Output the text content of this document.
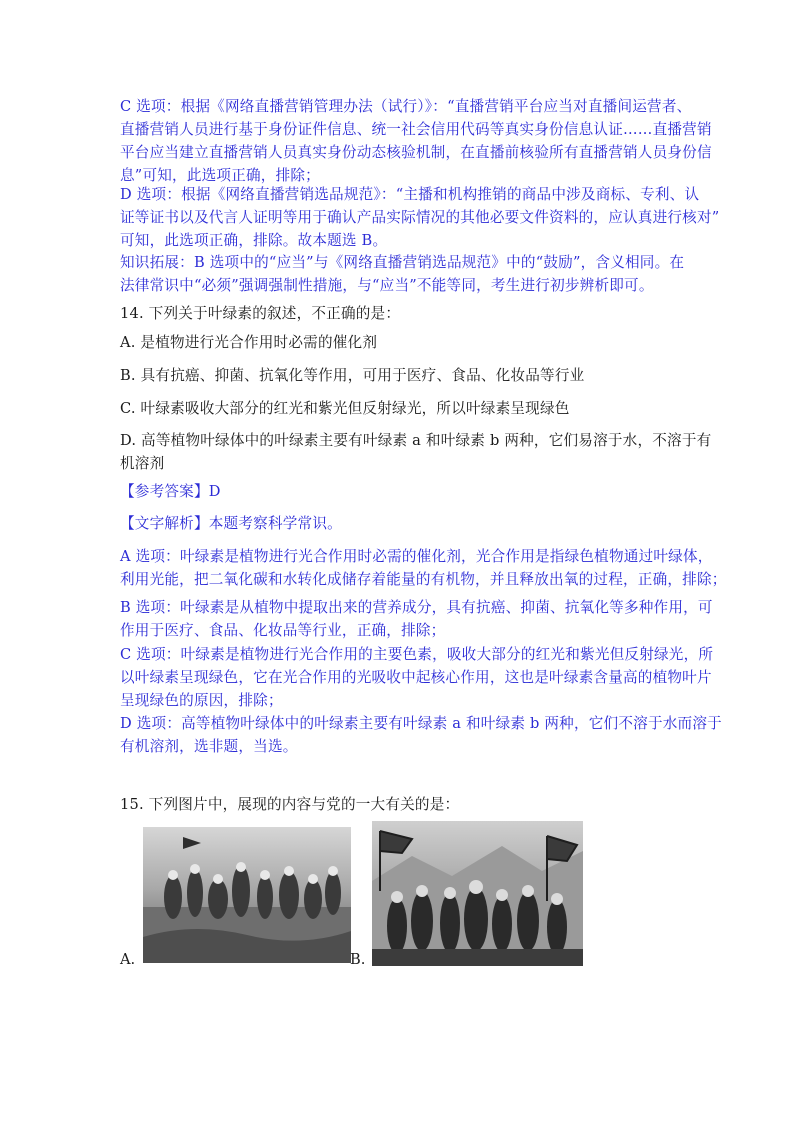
C 选项：根据《网络直播营销管理办法（试行）》：“直播营销平台应当对直播间运营者、
直播营销人员进行基于身份证件信息、统一社会信用代码等真实身份信息认证……直播营销
平台应当建立直播营销人员真实身份动态核验机制，在直播前核验所有直播营销人员身份信
息”可知，此选项正确，排除；
D 选项：根据《网络直播营销选品规范》：“主播和机构推销的商品中涉及商标、专利、认
证等证书以及代言人证明等用于确认产品实际情况的其他必要文件资料的，应认真进行核对”
可知，此选项正确，排除。故本题选 B。
知识拓展：B 选项中的“应当”与《网络直播营销选品规范》中的“鼓励”，含义相同。在
法律常识中“必须”强调强制性措施，与“应当”不能等同，考生进行初步辨析即可。
14. 下列关于叶绿素的叙述，不正确的是：
A. 是植物进行光合作用时必需的催化剂
B. 具有抗癌、抑菌、抗氧化等作用，可用于医疗、食品、化妆品等行业
C. 叶绿素吸收大部分的红光和紫光但反射绿光，所以叶绿素呈现绿色
D. 高等植物叶绿体中的叶绿素主要有叶绿素 a 和叶绿素 b 两种，它们易溶于水，不溶于有
机溶剂
【参考答案】D
【文字解析】本题考察科学常识。
A 选项：叶绿素是植物进行光合作用时必需的催化剂，光合作用是指绿色植物通过叶绿体，
利用光能，把二氧化碳和水转化成储存着能量的有机物，并且释放出氧的过程，正确，排除；
B 选项：叶绿素是从植物中提取出来的营养成分，具有抗癌、抑菌、抗氧化等多种作用，可
作用于医疗、食品、化妆品等行业，正确，排除；
C 选项：叶绿素是植物进行光合作用的主要色素，吸收大部分的红光和紫光但反射绿光，所
以叶绿素呈现绿色，它在光合作用的光吸收中起核心作用，这也是叶绿素含量高的植物叶片
呈现绿色的原因，排除；
D 选项：高等植物叶绿体中的叶绿素主要有叶绿素 a 和叶绿素 b 两种，它们不溶于水而溶于
有机溶剂，选非题，当选。
15. 下列图片中，展现的内容与党的一大有关的是：
A.	B.
